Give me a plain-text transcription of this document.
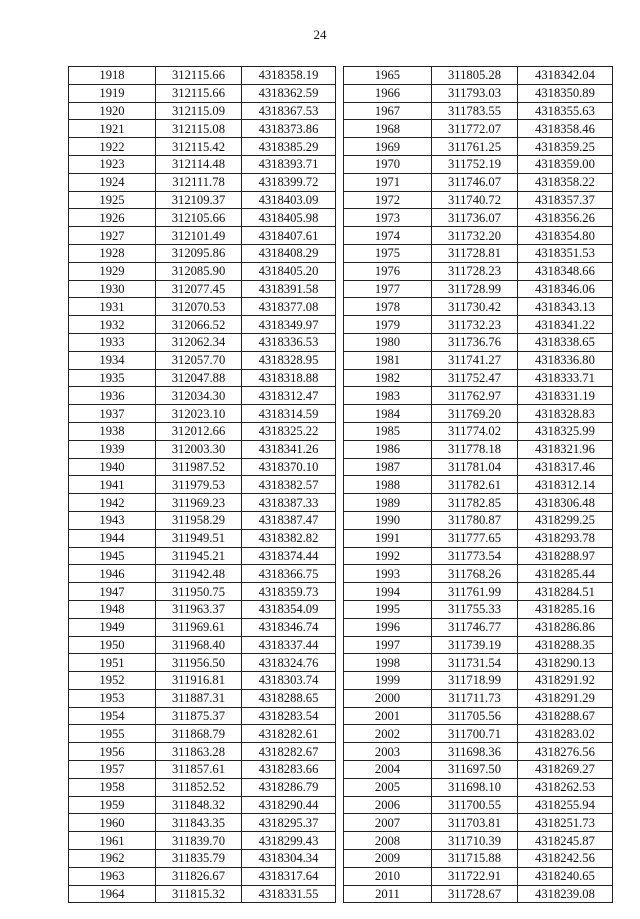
24
1918	312115.66	4318358.19
1919	312115.66	4318362.59
1920	312115.09	4318367.53
1921	312115.08	4318373.86
1922	312115.42	4318385.29
1923	312114.48	4318393.71
1924	312111.78	4318399.72
1925	312109.37	4318403.09
1926	312105.66	4318405.98
1927	312101.49	4318407.61
1928	312095.86	4318408.29
1929	312085.90	4318405.20
1930	312077.45	4318391.58
1931	312070.53	4318377.08
1932	312066.52	4318349.97
1933	312062.34	4318336.53
1934	312057.70	4318328.95
1935	312047.88	4318318.88
1936	312034.30	4318312.47
1937	312023.10	4318314.59
1938	312012.66	4318325.22
1939	312003.30	4318341.26
1940	311987.52	4318370.10
1941	311979.53	4318382.57
1942	311969.23	4318387.33
1943	311958.29	4318387.47
1944	311949.51	4318382.82
1945	311945.21	4318374.44
1946	311942.48	4318366.75
1947	311950.75	4318359.73
1948	311963.37	4318354.09
1949	311969.61	4318346.74
1950	311968.40	4318337.44
1951	311956.50	4318324.76
1952	311916.81	4318303.74
1953	311887.31	4318288.65
1954	311875.37	4318283.54
1955	311868.79	4318282.61
1956	311863.28	4318282.67
1957	311857.61	4318283.66
1958	311852.52	4318286.79
1959	311848.32	4318290.44
1960	311843.35	4318295.37
1961	311839.70	4318299.43
1962	311835.79	4318304.34
1963	311826.67	4318317.64
1964	311815.32	4318331.55
1965	311805.28	4318342.04
1966	311793.03	4318350.89
1967	311783.55	4318355.63
1968	311772.07	4318358.46
1969	311761.25	4318359.25
1970	311752.19	4318359.00
1971	311746.07	4318358.22
1972	311740.72	4318357.37
1973	311736.07	4318356.26
1974	311732.20	4318354.80
1975	311728.81	4318351.53
1976	311728.23	4318348.66
1977	311728.99	4318346.06
1978	311730.42	4318343.13
1979	311732.23	4318341.22
1980	311736.76	4318338.65
1981	311741.27	4318336.80
1982	311752.47	4318333.71
1983	311762.97	4318331.19
1984	311769.20	4318328.83
1985	311774.02	4318325.99
1986	311778.18	4318321.96
1987	311781.04	4318317.46
1988	311782.61	4318312.14
1989	311782.85	4318306.48
1990	311780.87	4318299.25
1991	311777.65	4318293.78
1992	311773.54	4318288.97
1993	311768.26	4318285.44
1994	311761.99	4318284.51
1995	311755.33	4318285.16
1996	311746.77	4318286.86
1997	311739.19	4318288.35
1998	311731.54	4318290.13
1999	311718.99	4318291.92
2000	311711.73	4318291.29
2001	311705.56	4318288.67
2002	311700.71	4318283.02
2003	311698.36	4318276.56
2004	311697.50	4318269.27
2005	311698.10	4318262.53
2006	311700.55	4318255.94
2007	311703.81	4318251.73
2008	311710.39	4318245.87
2009	311715.88	4318242.56
2010	311722.91	4318240.65
2011	311728.67	4318239.08
